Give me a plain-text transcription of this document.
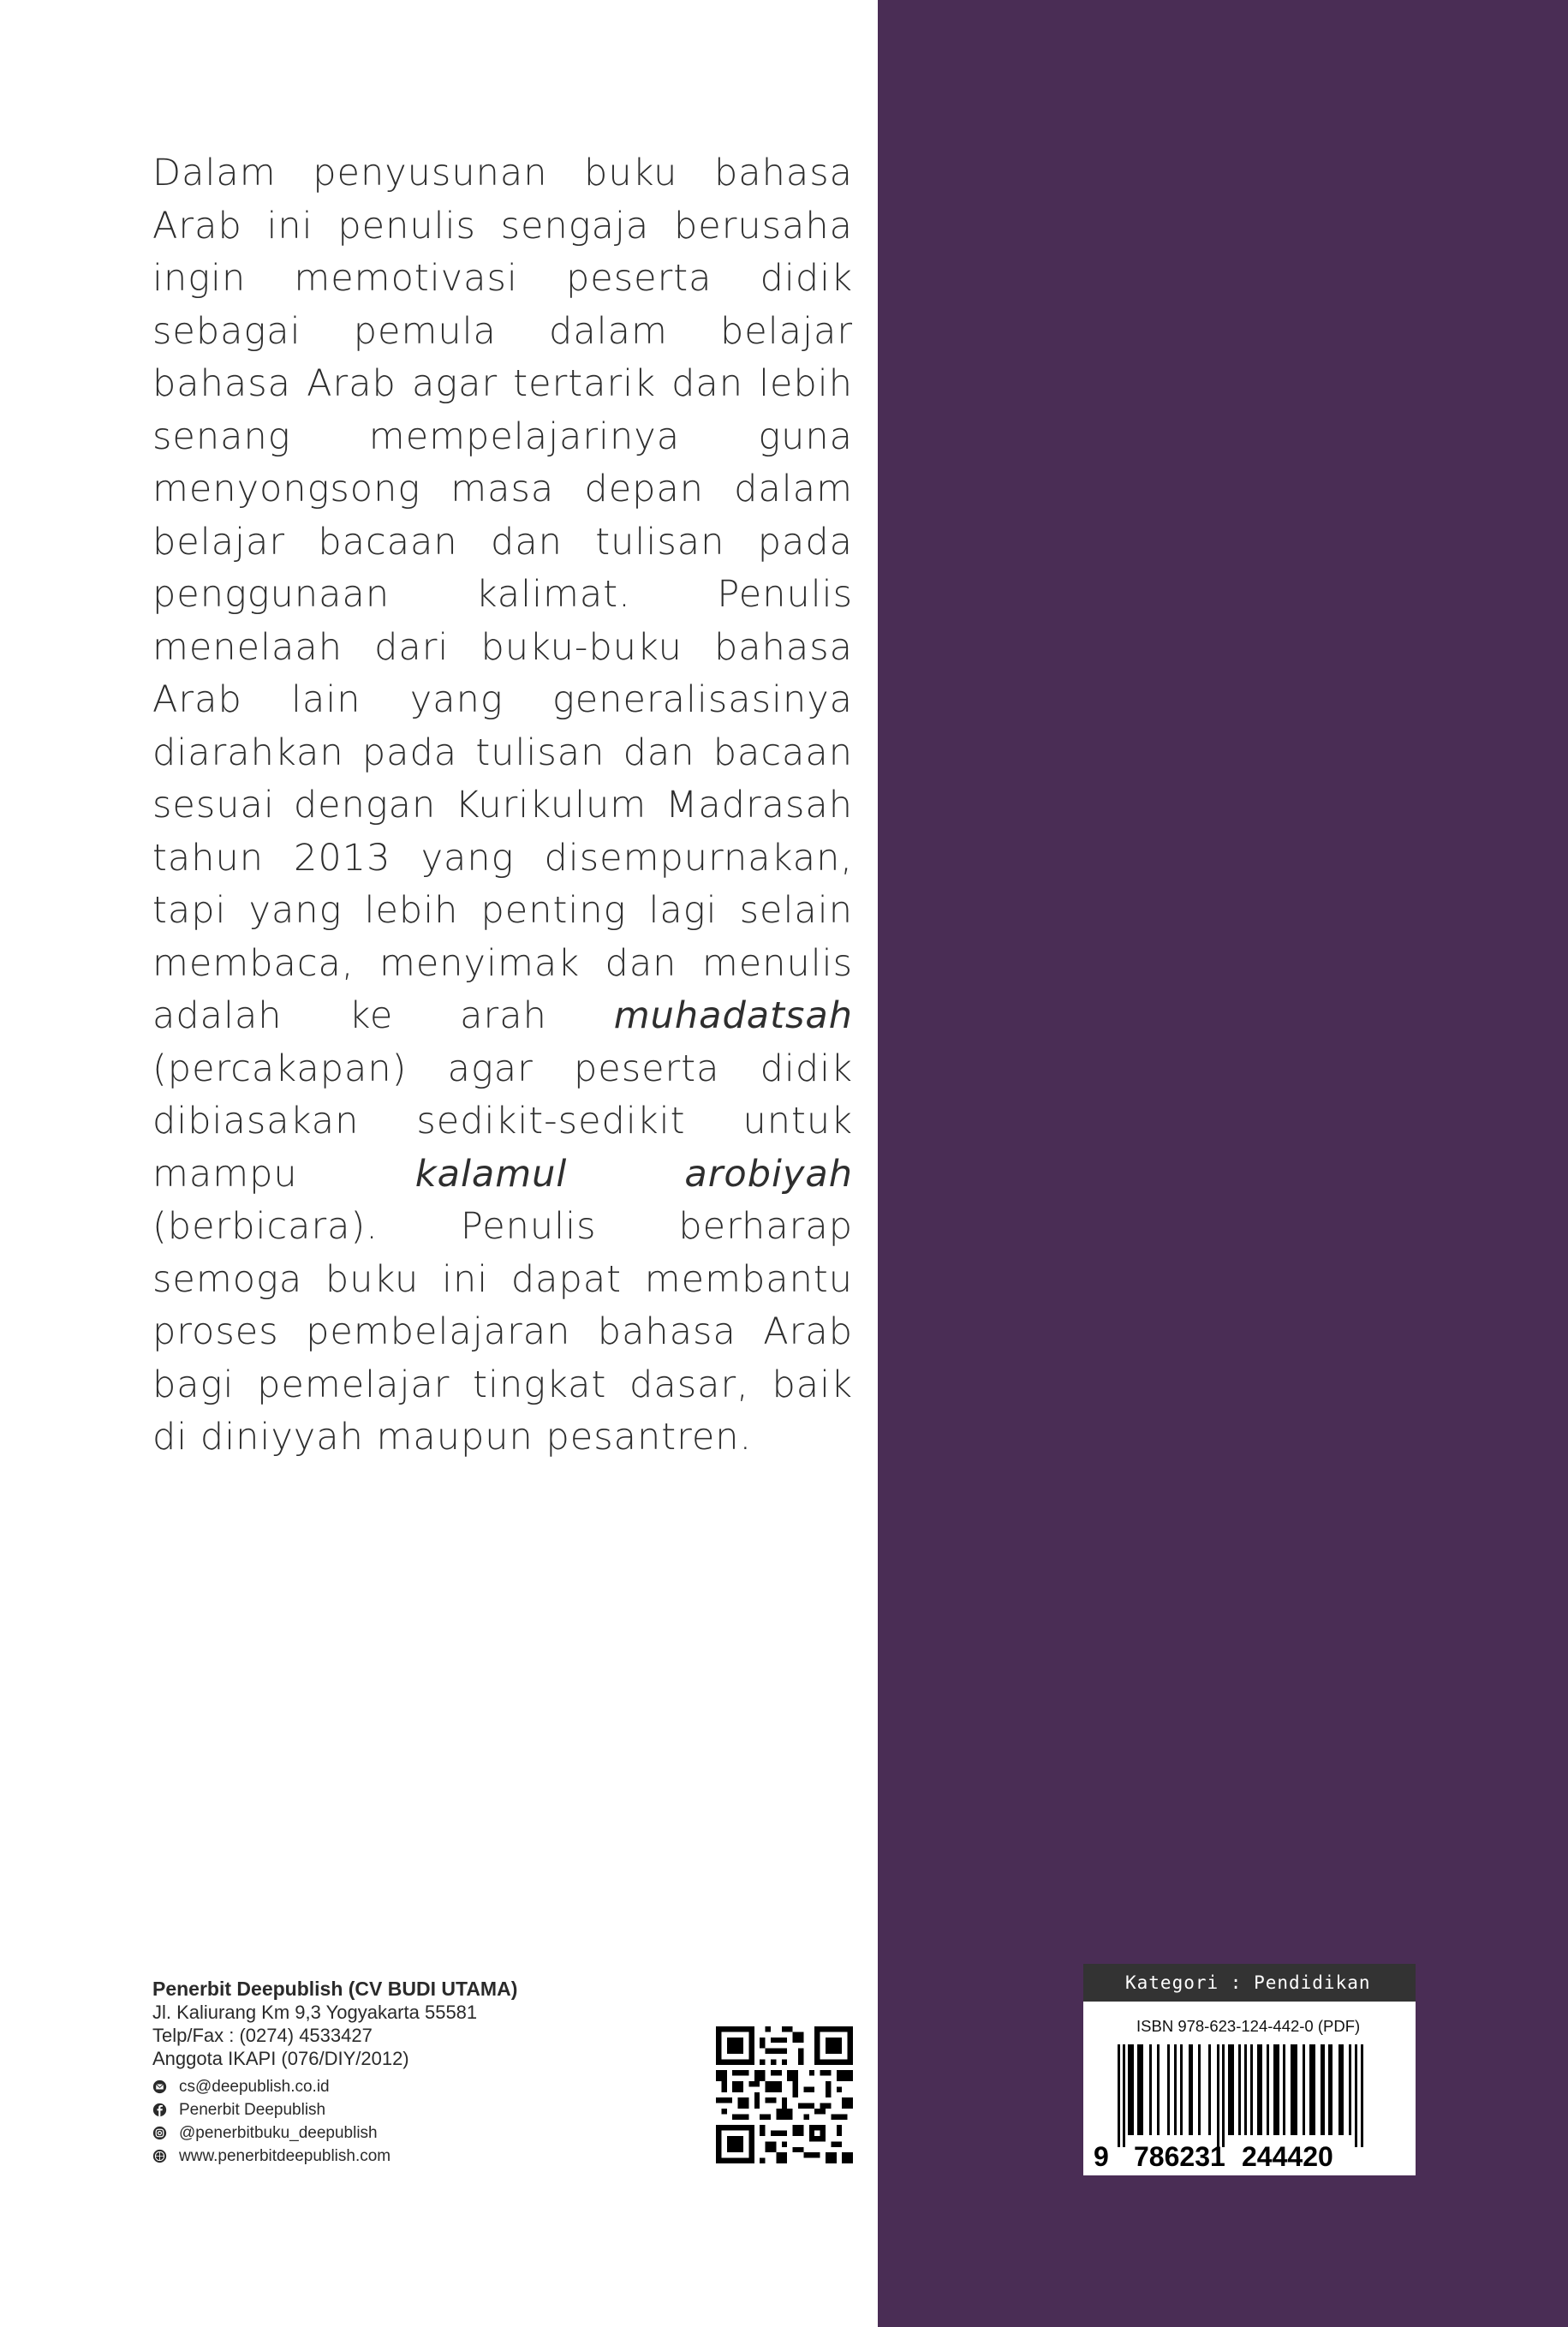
Dalam penyusunan buku bahasa Arab ini penulis sengaja berusaha ingin memotivasi peserta didik sebagai pemula dalam belajar bahasa Arab agar tertarik dan lebih senang mempelajarinya guna menyongsong masa depan dalam belajar bacaan dan tulisan pada penggunaan kalimat. Penulis menelaah dari buku-buku bahasa Arab lain yang generalisasinya diarahkan pada tulisan dan bacaan sesuai dengan Kurikulum Madrasah tahun 2013 yang disempurnakan, tapi yang lebih penting lagi selain membaca, menyimak dan menulis adalah ke arah muhadatsah (percakapan) agar peserta didik dibiasakan sedikit-sedikit untuk mampu kalamul arobiyah (berbicara). Penulis berharap semoga buku ini dapat membantu proses pembelajaran bahasa Arab bagi pemelajar tingkat dasar, baik di diniyyah maupun pesantren.

Penerbit Deepublish (CV BUDI UTAMA)
Jl. Kaliurang Km 9,3 Yogyakarta 55581
Telp/Fax : (0274) 4533427
Anggota IKAPI (076/DIY/2012)
cs@deepublish.co.id
Penerbit Deepublish
@penerbitbuku_deepublish
www.penerbitdeepublish.com
Kategori : Pendidikan
ISBN 978-623-124-442-0 (PDF)
9 786231 244420
